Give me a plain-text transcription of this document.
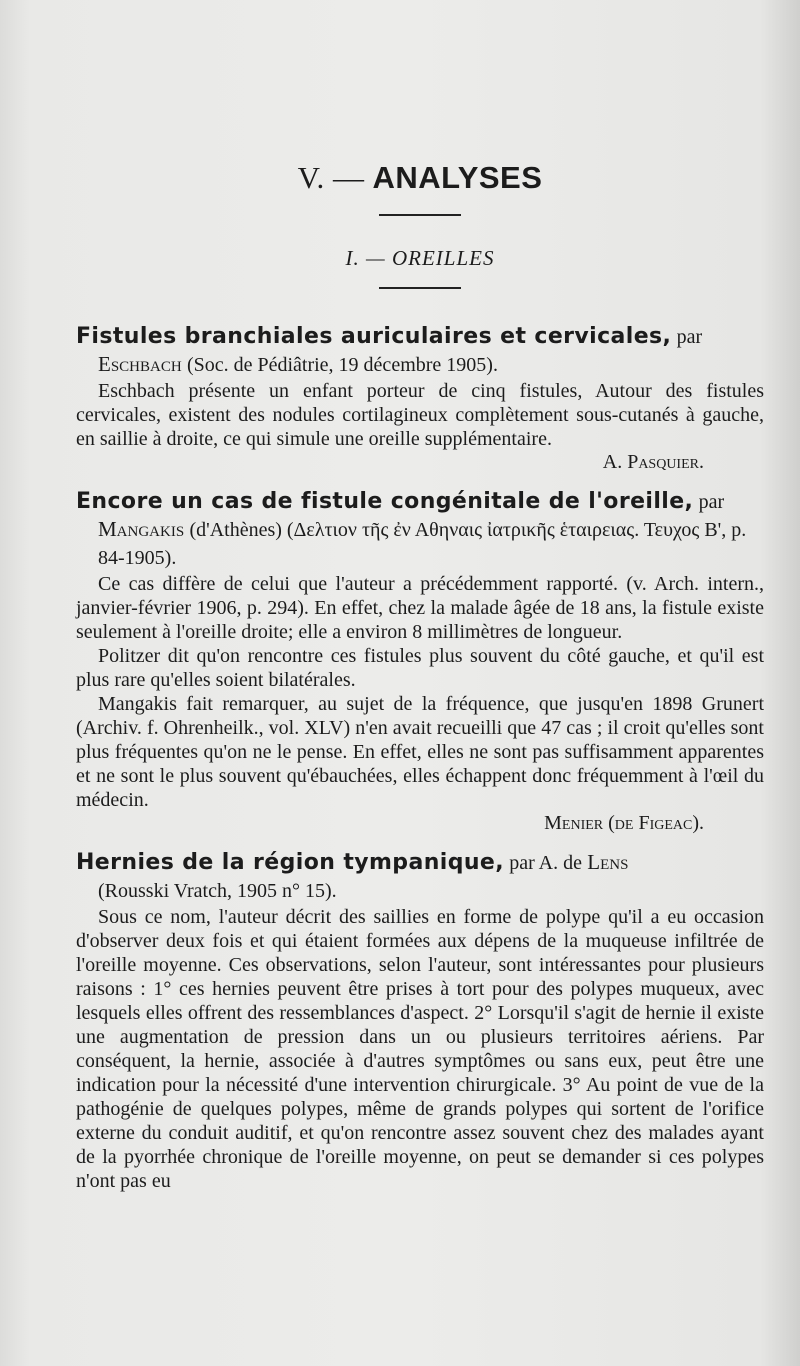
V. — ANALYSES
I. — OREILLES

Fistules branchiales auriculaires et cervicales, par
Eschbach (Soc. de Pédiâtrie, 19 décembre 1905).

Eschbach présente un enfant porteur de cinq fistules, Autour des fistules cervicales, existent des nodules cortilagineux complètement sous-cutanés à gauche, en saillie à droite, ce qui simule une oreille supplémentaire.

A. Pasquier.

Encore un cas de fistule congénitale de l'oreille, par
Mangakis (d'Athènes) (Δελτιον τῆς ἐν Αθηναις ἰατρικῆς ἑταιρειας. Τευχος Β', p. 84-1905).

Ce cas diffère de celui que l'auteur a précédemment rapporté. (v. Arch. intern., janvier-février 1906, p. 294). En effet, chez la malade âgée de 18 ans, la fistule existe seulement à l'oreille droite; elle a environ 8 millimètres de longueur.

Politzer dit qu'on rencontre ces fistules plus souvent du côté gauche, et qu'il est plus rare qu'elles soient bilatérales.

Mangakis fait remarquer, au sujet de la fréquence, que jusqu'en 1898 Grunert (Archiv. f. Ohrenheilk., vol. XLV) n'en avait recueilli que 47 cas ; il croit qu'elles sont plus fréquentes qu'on ne le pense. En effet, elles ne sont pas suffisamment apparentes et ne sont le plus souvent qu'ébauchées, elles échappent donc fréquemment à l'œil du médecin.

Menier (de Figeac).

Hernies de la région tympanique, par A. de Lens
(Rousski Vratch, 1905 n° 15).

Sous ce nom, l'auteur décrit des saillies en forme de polype qu'il a eu occasion d'observer deux fois et qui étaient formées aux dépens de la muqueuse infiltrée de l'oreille moyenne. Ces observations, selon l'auteur, sont intéressantes pour plusieurs raisons : 1° ces hernies peuvent être prises à tort pour des polypes muqueux, avec lesquels elles offrent des ressemblances d'aspect. 2° Lorsqu'il s'agit de hernie il existe une augmentation de pression dans un ou plusieurs territoires aériens. Par conséquent, la hernie, associée à d'autres symptômes ou sans eux, peut être une indication pour la nécessité d'une intervention chirurgicale. 3° Au point de vue de la pathogénie de quelques polypes, même de grands polypes qui sortent de l'orifice externe du conduit auditif, et qu'on rencontre assez souvent chez des malades ayant de la pyorrhée chronique de l'oreille moyenne, on peut se demander si ces polypes n'ont pas eu
